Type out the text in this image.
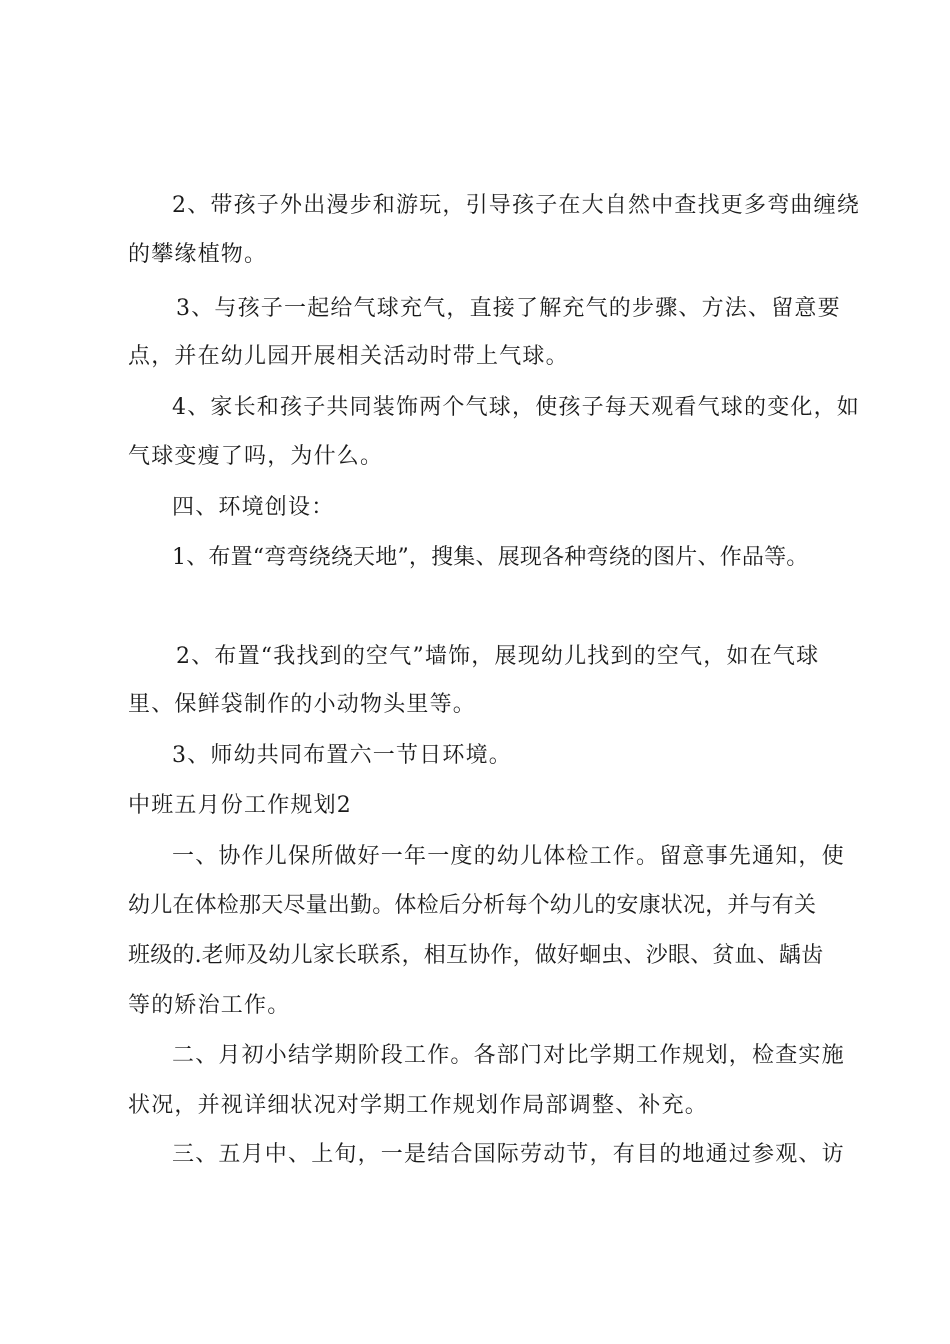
2、带孩子外出漫步和游玩，引导孩子在大自然中查找更多弯曲缠绕
的攀缘植物。
3、与孩子一起给气球充气，直接了解充气的步骤、方法、留意要
点，并在幼儿园开展相关活动时带上气球。
4、家长和孩子共同装饰两个气球，使孩子每天观看气球的变化，如
气球变瘦了吗，为什么。
四、环境创设：
1、布置“弯弯绕绕天地”，搜集、展现各种弯绕的图片、作品等。
2、布置“我找到的空气”墙饰，展现幼儿找到的空气，如在气球
里、保鲜袋制作的小动物头里等。
3、师幼共同布置六一节日环境。
中班五月份工作规划2
一、协作儿保所做好一年一度的幼儿体检工作。留意事先通知，使
幼儿在体检那天尽量出勤。体检后分析每个幼儿的安康状况，并与有关
班级的.老师及幼儿家长联系，相互协作，做好蛔虫、沙眼、贫血、龋齿
等的矫治工作。
二、月初小结学期阶段工作。各部门对比学期工作规划，检查实施
状况，并视详细状况对学期工作规划作局部调整、补充。
三、五月中、上旬，一是结合国际劳动节，有目的地通过参观、访
